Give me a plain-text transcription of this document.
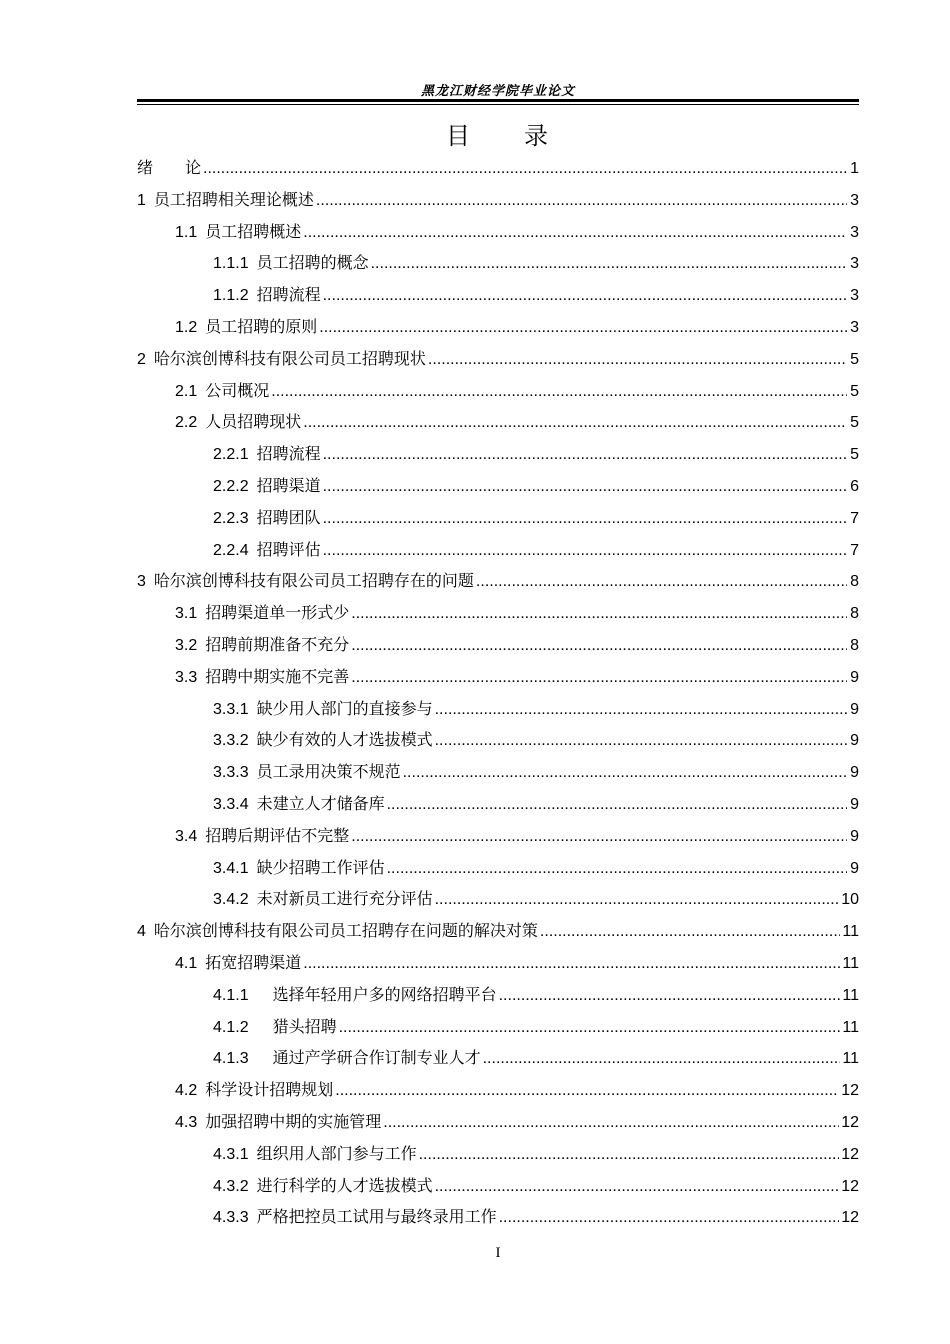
黑龙江财经学院毕业论文
目　　录
绪　　论 .....	1
1 员工招聘相关理论概述 .....	3
1.1 员工招聘概述 .....	3
1.1.1 员工招聘的概念 .....	3
1.1.2 招聘流程 .....	3
1.2 员工招聘的原则 .....	3
2 哈尔滨创博科技有限公司员工招聘现状 .....	5
2.1 公司概况 .....	5
2.2 人员招聘现状 .....	5
2.2.1 招聘流程 .....	5
2.2.2 招聘渠道 .....	6
2.2.3 招聘团队 .....	7
2.2.4 招聘评估 .....	7
3 哈尔滨创博科技有限公司员工招聘存在的问题 .....	8
3.1 招聘渠道单一形式少 .....	8
3.2 招聘前期准备不充分 .....	8
3.3 招聘中期实施不完善 .....	9
3.3.1 缺少用人部门的直接参与 .....	9
3.3.2 缺少有效的人才选拔模式 .....	9
3.3.3 员工录用决策不规范 .....	9
3.3.4 未建立人才储备库 .....	9
3.4 招聘后期评估不完整 .....	9
3.4.1 缺少招聘工作评估 .....	9
3.4.2 未对新员工进行充分评估 .....	10
4 哈尔滨创博科技有限公司员工招聘存在问题的解决对策 .....	11
4.1 拓宽招聘渠道 .....	11
4.1.1 　选择年轻用户多的网络招聘平台 .....	11
4.1.2 　猎头招聘 .....	11
4.1.3 　通过产学研合作订制专业人才 .....	11
4.2 科学设计招聘规划 .....	12
4.3 加强招聘中期的实施管理 .....	12
4.3.1 组织用人部门参与工作 .....	12
4.3.2 进行科学的人才选拔模式 .....	12
4.3.3 严格把控员工试用与最终录用工作 .....	12
I
